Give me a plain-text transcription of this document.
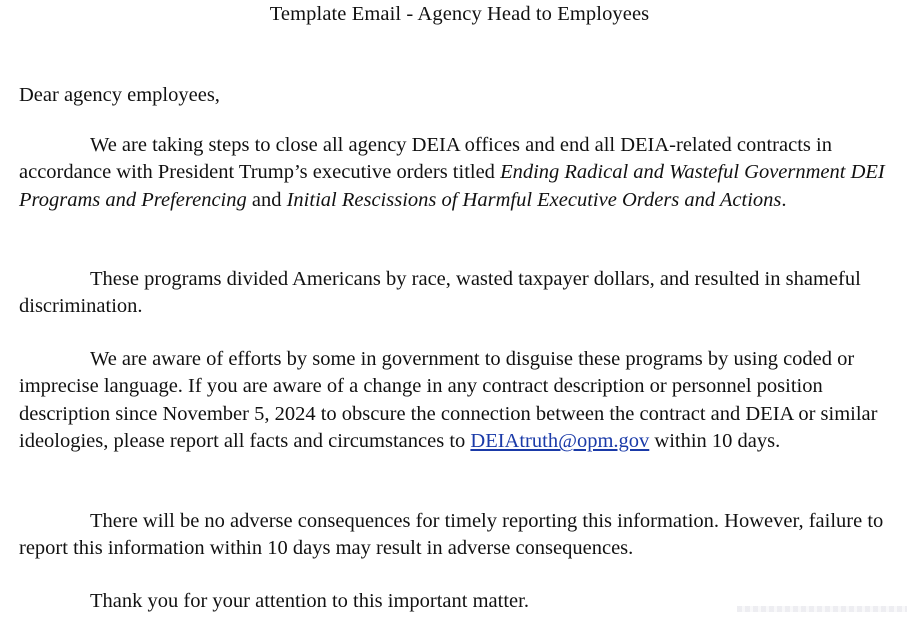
Template Email - Agency Head to Employees
Dear agency employees,

We are taking steps to close all agency DEIA offices and end all DEIA-related contracts in accordance with President Trump’s executive orders titled Ending Radical and Wasteful Government DEI Programs and Preferencing and Initial Rescissions of Harmful Executive Orders and Actions.

These programs divided Americans by race, wasted taxpayer dollars, and resulted in shameful discrimination.

We are aware of efforts by some in government to disguise these programs by using coded or imprecise language. If you are aware of a change in any contract description or personnel position description since November 5, 2024 to obscure the connection between the contract and DEIA or similar ideologies, please report all facts and circumstances to DEIAtruth@opm.gov within 10 days.

There will be no adverse consequences for timely reporting this information. However, failure to report this information within 10 days may result in adverse consequences.

Thank you for your attention to this important matter.
